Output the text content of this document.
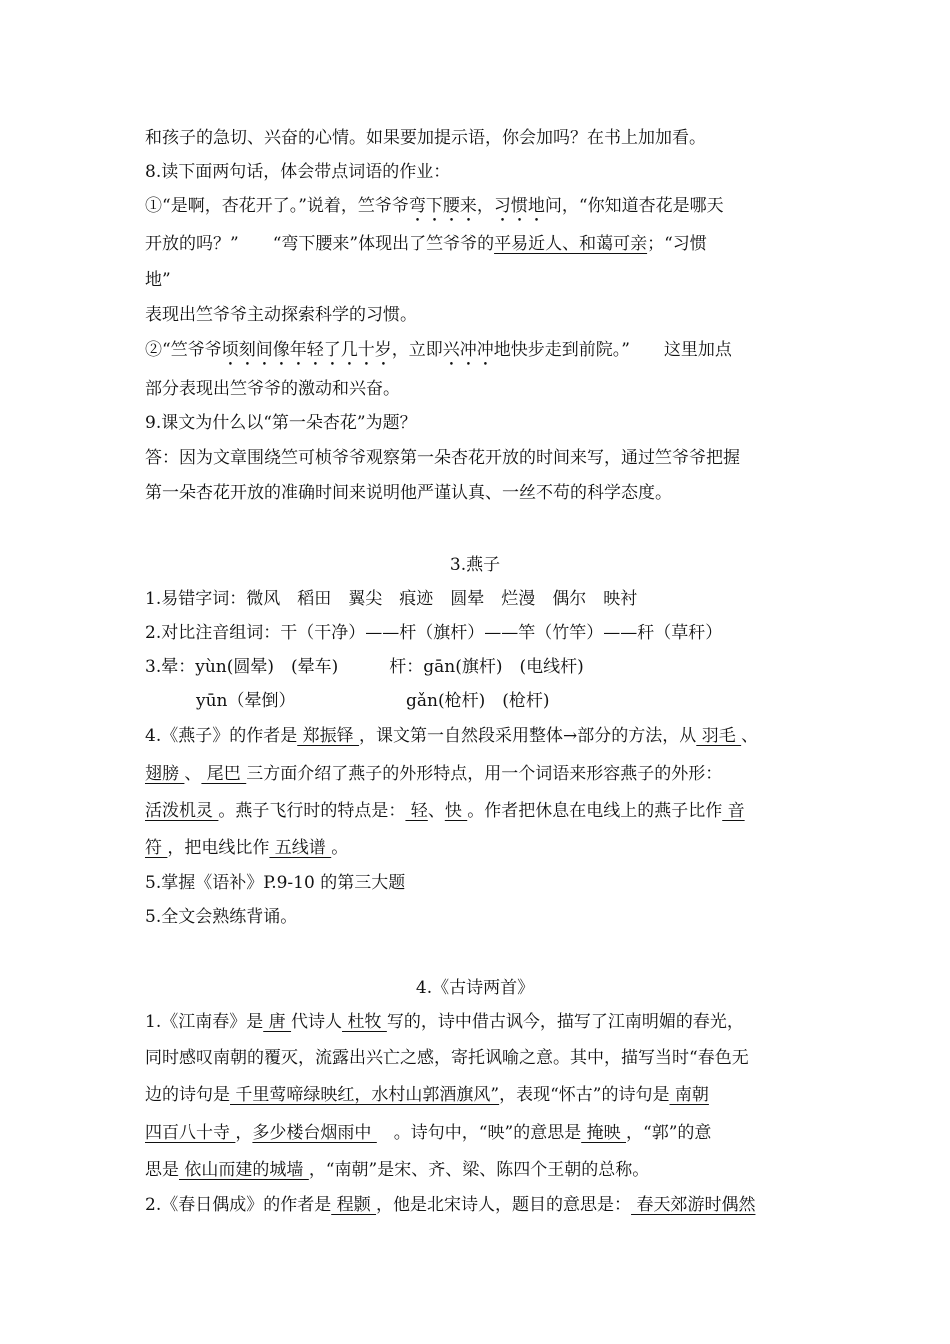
和孩子的急切、兴奋的心情。如果要加提示语，你会加吗？在书上加加看。
8.读下面两句话，体会带点词语的作业：
①“是啊，杏花开了。”说着，竺爷爷弯下腰来，习惯地问，“你知道杏花是哪天
开放的吗？”　　“弯下腰来”体现出了竺爷爷的平易近人、和蔼可亲；“习惯
地”
表现出竺爷爷主动探索科学的习惯。
②“竺爷爷顷刻间像年轻了几十岁，立即兴冲冲地快步走到前院。”　　这里加点
部分表现出竺爷爷的激动和兴奋。
9.课文为什么以“第一朵杏花”为题？
答：因为文章围绕竺可桢爷爷观察第一朵杏花开放的时间来写，通过竺爷爷把握
第一朵杏花开放的准确时间来说明他严谨认真、一丝不苟的科学态度。
3.燕子
1.易错字词：微风　稻田　翼尖　痕迹　圆晕　烂漫　偶尔　映衬
2.对比注音组词：干（干净）——杆（旗杆）——竿（竹竿）——秆（草秆）
3.晕：yùn(圆晕)　(晕车)　　　杆：gān(旗杆)　(电线杆)
　　　yūn（晕倒）　　　　　　　gǎn(枪杆)　(枪杆)
4.《燕子》的作者是 郑振铎 ，课文第一自然段采用整体→部分的方法，从 羽毛 、
翅膀 、 尾巴 三方面介绍了燕子的外形特点，用一个词语来形容燕子的外形：
活泼机灵 。燕子飞行时的特点是： 轻、快 。作者把休息在电线上的燕子比作 音
符 ，把电线比作 五线谱 。
5.掌握《语补》P.9-10 的第三大题
5.全文会熟练背诵。
4.《古诗两首》
1.《江南春》是 唐 代诗人 杜牧 写的，诗中借古讽今，描写了江南明媚的春光，
同时感叹南朝的覆灭，流露出兴亡之感，寄托讽喻之意。其中，描写当时“春色无
边的诗句是 千里莺啼绿映红，水村山郭酒旗风”，表现“怀古”的诗句是 南朝
四百八十寺 ，多少楼台烟雨中 　。诗句中，“映”的意思是 掩映 ，“郭”的意
思是 依山而建的城墙 ，“南朝”是宋、齐、梁、陈四个王朝的总称。
2.《春日偶成》的作者是 程颢 ，他是北宋诗人，题目的意思是： 春天郊游时偶然
